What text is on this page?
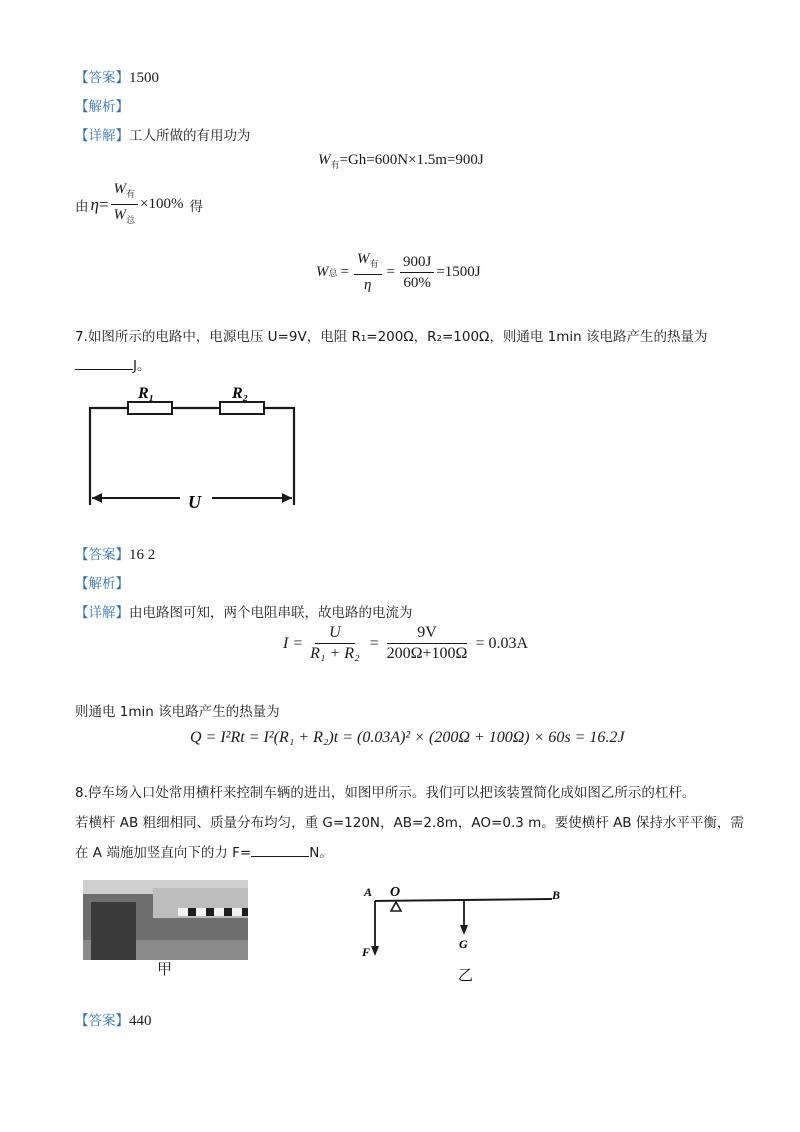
【答案】1500
【解析】
【详解】工人所做的有用功为
$W_有=Gh=600N\times 1.5m=900J$
由 $\eta= \frac{W_有}{W_总} \times 100\%$ 得
W 总 = $\frac{W_有}{\eta} = \frac{900J}{60\%} =1500J$
7.如图所示的电路中，电源电压 U=9V，电阻 R₁=200Ω，R₂=100Ω，则通电 1min 该电路产生的热量为
J。
R₁	R₂
U
【答案】16 2
【解析】
【详解】由电路图可知，两个电阻串联，故电路的电流为
$I = \frac{U}{\text{R₁ + R₂}} = \frac{9V}{200\Omega+100\Omega} = 0.03A$
则通电 1min 该电路产生的热量为
Q = I²Rt = I²(R₁ + R₂)t = (0.03A)² × (200Ω + 100Ω) × 60s = 16.2J
8.停车场入口处常用横杆来控制车辆的进出，如图甲所示。我们可以把该装置简化成如图乙所示的杠杆。
若横杆 AB 粗细相同、质量分布均匀，重 G=120N，AB=2.8m，AO=0.3 m。要使横杆 AB 保持水平平衡，需
在 A 端施加竖直向下的力 F=	N。
甲
A O	B
F
G
乙
【答案】440
